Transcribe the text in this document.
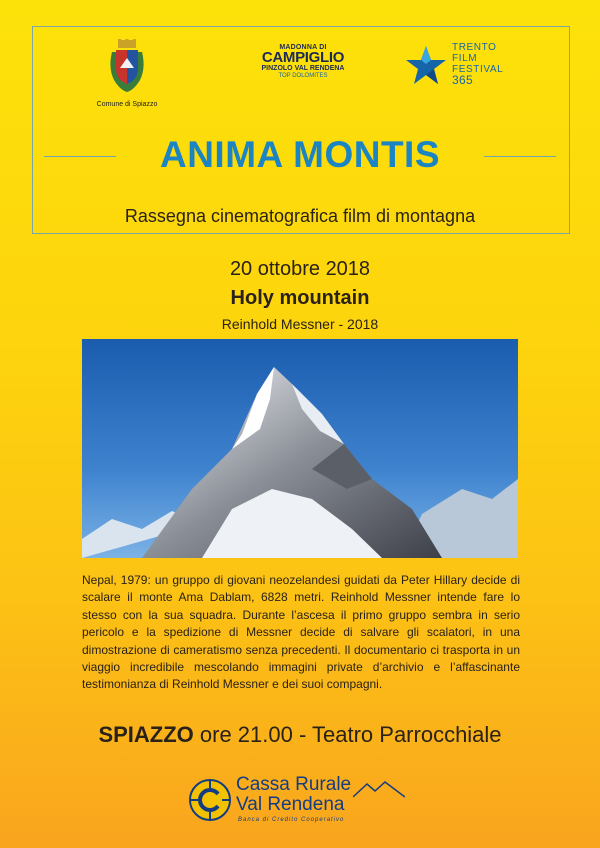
Comune di Spiazzo
MADONNA DI
CAMPIGLIO
PINZOLO VAL RENDENA
TOP DOLOMITES
TRENTO
FILM
FESTIVAL
365
ANIMA MONTIS
Rassegna cinematografica film di montagna
20 ottobre 2018
Holy mountain
Reinhold Messner - 2018
Nepal, 1979: un gruppo di giovani neozelandesi guidati da Peter Hillary decide di scalare il monte Ama Dablam, 6828 metri. Reinhold Messner intende fare lo stesso con la sua squadra. Durante l’ascesa il primo gruppo sembra in serio pericolo e la spedizione di Messner decide di salvare gli scalatori, in una dimostrazione di cameratismo senza precedenti. Il documentario ci trasporta in un viaggio incredibile mescolando immagini private d’archivio e l’affascinante testimonianza di Reinhold Messner e dei suoi compagni.
SPIAZZO ore 21.00 - Teatro Parrocchiale
Cassa Rurale
Val Rendena
Banca di Credito Cooperativo
